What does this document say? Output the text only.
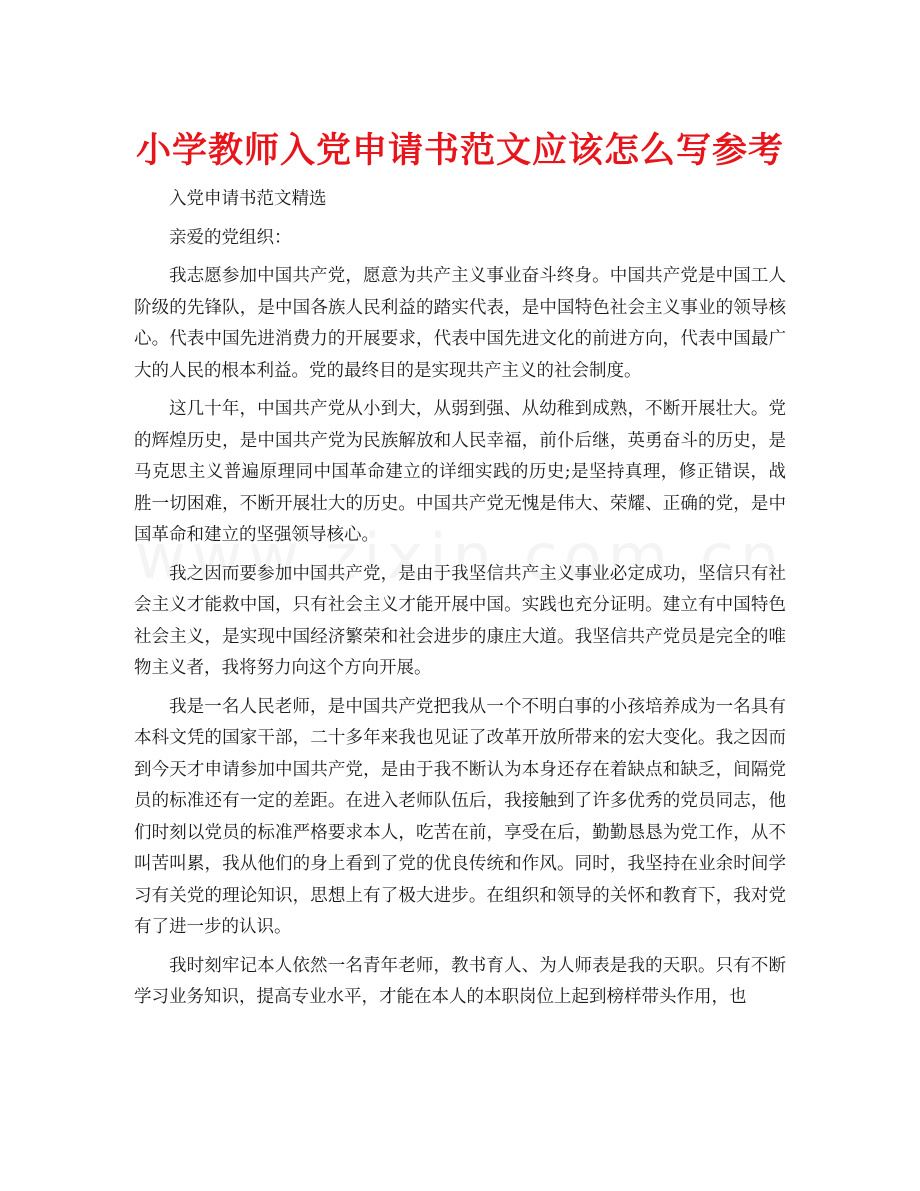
小学教师入党申请书范文应该怎么写参考

入党申请书范文精选

亲爱的党组织：

我志愿参加中国共产党，愿意为共产主义事业奋斗终身。中国共产党是中国工人阶级的先锋队，是中国各族人民利益的踏实代表，是中国特色社会主义事业的领导核心。代表中国先进消费力的开展要求，代表中国先进文化的前进方向，代表中国最广大的人民的根本利益。党的最终目的是实现共产主义的社会制度。

这几十年，中国共产党从小到大，从弱到强、从幼稚到成熟，不断开展壮大。党的辉煌历史，是中国共产党为民族解放和人民幸福，前仆后继，英勇奋斗的历史，是马克思主义普遍原理同中国革命建立的详细实践的历史;是坚持真理，修正错误，战胜一切困难，不断开展壮大的历史。中国共产党无愧是伟大、荣耀、正确的党，是中国革命和建立的坚强领导核心。

我之因而要参加中国共产党，是由于我坚信共产主义事业必定成功，坚信只有社会主义才能救中国，只有社会主义才能开展中国。实践也充分证明。建立有中国特色社会主义，是实现中国经济繁荣和社会进步的康庄大道。我坚信共产党员是完全的唯物主义者，我将努力向这个方向开展。

我是一名人民老师，是中国共产党把我从一个不明白事的小孩培养成为一名具有本科文凭的国家干部，二十多年来我也见证了改革开放所带来的宏大变化。我之因而到今天才申请参加中国共产党，是由于我不断认为本身还存在着缺点和缺乏，间隔党员的标准还有一定的差距。在进入老师队伍后，我接触到了许多优秀的党员同志，他们时刻以党员的标准严格要求本人，吃苦在前，享受在后，勤勤恳恳为党工作，从不叫苦叫累，我从他们的身上看到了党的优良传统和作风。同时，我坚持在业余时间学习有关党的理论知识，思想上有了极大进步。在组织和领导的关怀和教育下，我对党有了进一步的认识。

我时刻牢记本人依然一名青年老师，教书育人、为人师表是我的天职。只有不断学习业务知识，提高专业水平，才能在本人的本职岗位上起到榜样带头作用，也
